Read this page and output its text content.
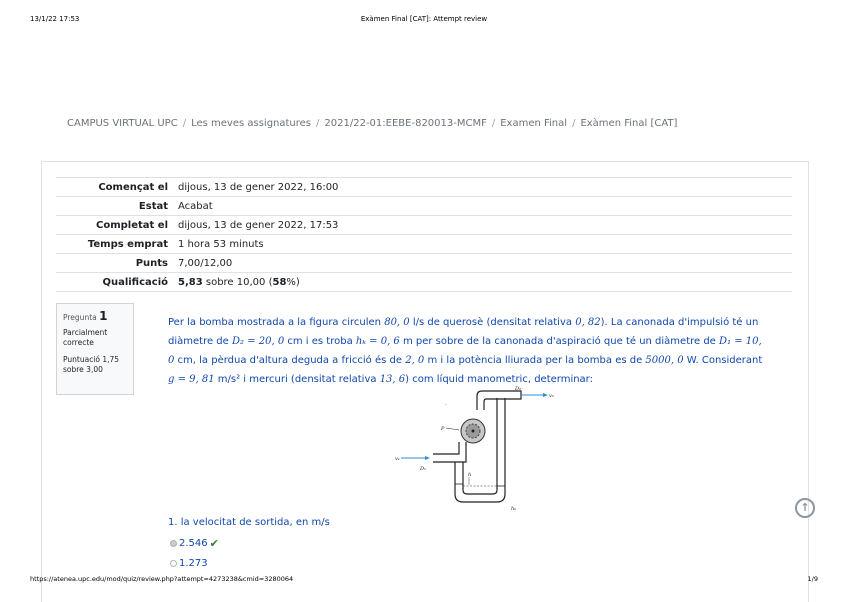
13/1/22 17:53	Exàmen Final [CAT]: Attempt review
CAMPUS VIRTUAL UPC / Les meves assignatures / 2021/22-01:EEBE-820013-MCMF / Examen Final / Exàmen Final [CAT]
Començat el	dijous, 13 de gener 2022, 16:00
Estat	Acabat
Completat el	dijous, 13 de gener 2022, 17:53
Temps emprat	1 hora 53 minuts
Punts	7,00/12,00
Qualificació	5,83 sobre 10,00 (58%)
Pregunta 1
Parcialment correcte
Puntuació 1,75 sobre 3,00
Per la bomba mostrada a la figura circulen 80, 0 l/s de querosè (densitat relativa 0, 82). La canonada d'impulsió té un diàmetre de D₂ = 20, 0 cm i es troba hₖ = 0, 6 m per sobre de la canonada d'aspiració que té un diàmetre de D₁ = 10, 0 cm, la pèrdua d'altura deguda a fricció és de 2, 0 m i la potència lliurada per la bomba es de 5000, 0 W. Considerant g = 9, 81 m/s² i mercuri (densitat relativa 13, 6) com líquid manometric, determinar:
D₂
v₂
P
·
v₁
D₁
h
hₖ
1. la velocitat de sortida, en m/s
2.546 ✔
1.273
↑
https://atenea.upc.edu/mod/quiz/review.php?attempt=4273238&cmid=3280064	1/9
